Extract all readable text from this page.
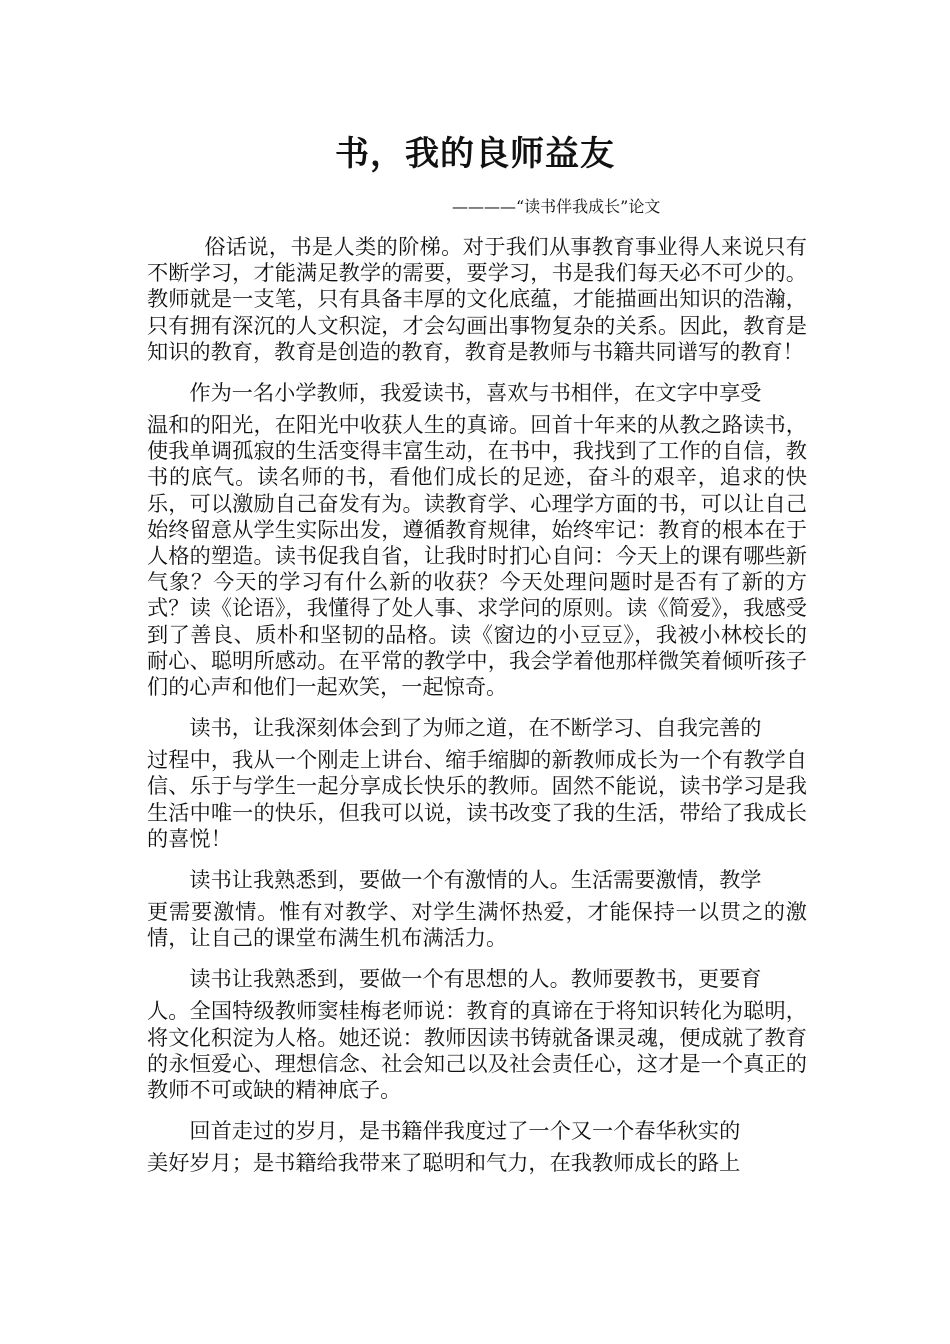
书，我的良师益友
————“读书伴我成长”论文

俗话说，书是人类的阶梯。对于我们从事教育事业得人来说只有不断学习，才能满足教学的需要，要学习，书是我们每天必不可少的。教师就是一支笔，只有具备丰厚的文化底蕴，才能描画出知识的浩瀚，只有拥有深沉的人文积淀，才会勾画出事物复杂的关系。因此，教育是知识的教育，教育是创造的教育，教育是教师与书籍共同谱写的教育！

作为一名小学教师，我爱读书，喜欢与书相伴，在文字中享受
温和的阳光，在阳光中收获人生的真谛。回首十年来的从教之路读书，使我单调孤寂的生活变得丰富生动，在书中，我找到了工作的自信，教书的底气。读名师的书，看他们成长的足迹，奋斗的艰辛，追求的快乐，可以激励自己奋发有为。读教育学、心理学方面的书，可以让自己始终留意从学生实际出发，遵循教育规律，始终牢记：教育的根本在于人格的塑造。读书促我自省，让我时时扪心自问：今天上的课有哪些新气象？今天的学习有什么新的收获？今天处理问题时是否有了新的方式？读《论语》，我懂得了处人事、求学问的原则。读《简爱》，我感受到了善良、质朴和坚韧的品格。读《窗边的小豆豆》，我被小林校长的耐心、聪明所感动。在平常的教学中，我会学着他那样微笑着倾听孩子们的心声和他们一起欢笑，一起惊奇。

读书，让我深刻体会到了为师之道，在不断学习、自我完善的
过程中，我从一个刚走上讲台、缩手缩脚的新教师成长为一个有教学自信、乐于与学生一起分享成长快乐的教师。固然不能说，读书学习是我生活中唯一的快乐，但我可以说，读书改变了我的生活，带给了我成长的喜悦！

读书让我熟悉到，要做一个有激情的人。生活需要激情，教学
更需要激情。惟有对教学、对学生满怀热爱，才能保持一以贯之的激情，让自己的课堂布满生机布满活力。

读书让我熟悉到，要做一个有思想的人。教师要教书，更要育
人。全国特级教师窦桂梅老师说：教育的真谛在于将知识转化为聪明，将文化积淀为人格。她还说：教师因读书铸就备课灵魂，便成就了教育的永恒爱心、理想信念、社会知己以及社会责任心，这才是一个真正的教师不可或缺的精神底子。

回首走过的岁月，是书籍伴我度过了一个又一个春华秋实的
美好岁月；是书籍给我带来了聪明和气力，在我教师成长的路上
